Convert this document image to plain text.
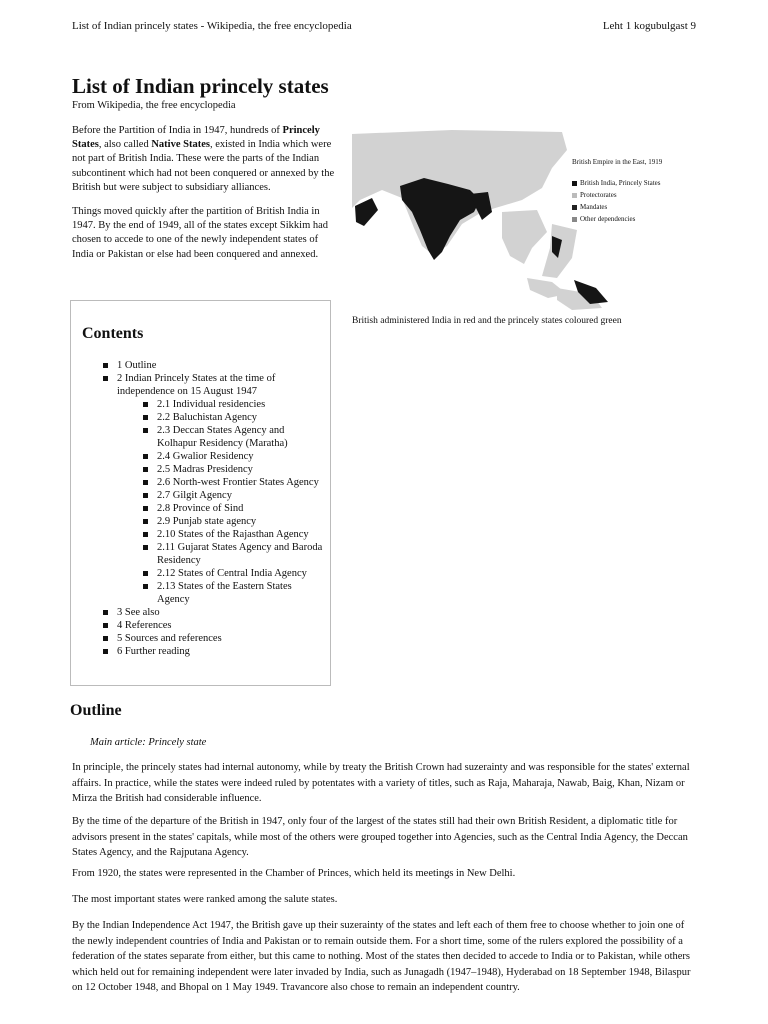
List of Indian princely states - Wikipedia, the free encyclopedia	Leht 1 kogubulgast 9
List of Indian princely states
From Wikipedia, the free encyclopedia

Before the Partition of India in 1947, hundreds of Princely States, also called Native States, existed in India which were not part of British India. These were the parts of the Indian subcontinent which had not been conquered or annexed by the British but were subject to subsidiary alliances.

Things moved quickly after the partition of British India in 1947. By the end of 1949, all of the states except Sikkim had chosen to accede to one of the newly independent states of India or Pakistan or else had been conquered and annexed.

British Empire in the East, 1919
British India, Princely States
Protectorates
Mandates
Other dependencies
British administered India in red and the princely states coloured green
Contents
1 Outline
2 Indian Princely States at the time of independence on 15 August 1947
2.1 Individual residencies
2.2 Baluchistan Agency
2.3 Deccan States Agency and Kolhapur Residency (Maratha)
2.4 Gwalior Residency
2.5 Madras Presidency
2.6 North-west Frontier States Agency
2.7 Gilgit Agency
2.8 Province of Sind
2.9 Punjab state agency
2.10 States of the Rajasthan Agency
2.11 Gujarat States Agency and Baroda Residency
2.12 States of Central India Agency
2.13 States of the Eastern States Agency
3 See also
4 References
5 Sources and references
6 Further reading
Outline
Main article: Princely state

In principle, the princely states had internal autonomy, while by treaty the British Crown had suzerainty and was responsible for the states' external affairs. In practice, while the states were indeed ruled by potentates with a variety of titles, such as Raja, Maharaja, Nawab, Baig, Khan, Nizam or Mirza the British had considerable influence.

By the time of the departure of the British in 1947, only four of the largest of the states still had their own British Resident, a diplomatic title for advisors present in the states' capitals, while most of the others were grouped together into Agencies, such as the Central India Agency, the Deccan States Agency, and the Rajputana Agency.

From 1920, the states were represented in the Chamber of Princes, which held its meetings in New Delhi.

The most important states were ranked among the salute states.

By the Indian Independence Act 1947, the British gave up their suzerainty of the states and left each of them free to choose whether to join one of the newly independent countries of India and Pakistan or to remain outside them. For a short time, some of the rulers explored the possibility of a federation of the states separate from either, but this came to nothing. Most of the states then decided to accede to India or to Pakistan, while others which held out for remaining independent were later invaded by India, such as Junagadh (1947–1948), Hyderabad on 18 September 1948, Bilaspur on 12 October 1948, and Bhopal on 1 May 1949. Travancore also chose to remain an independent country.
